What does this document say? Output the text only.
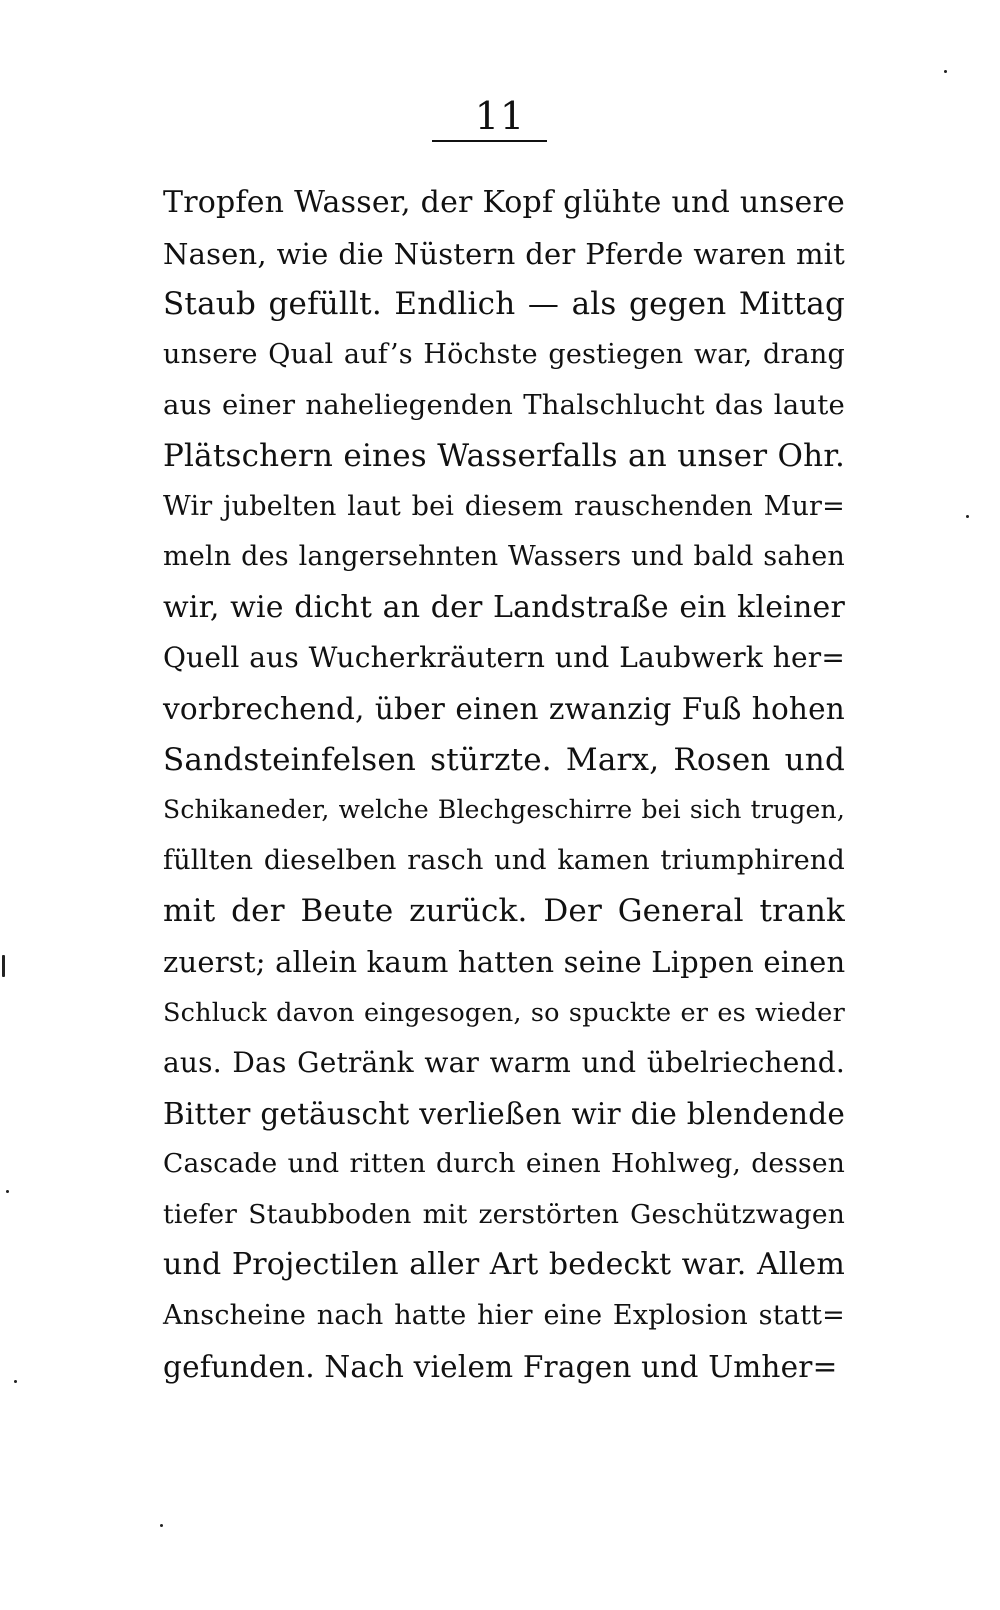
11
Tropfen Wasser, der Kopf glühte und unsere
Nasen, wie die Nüstern der Pferde waren mit
Staub gefüllt. Endlich — als gegen Mittag
unsere Qual auf’s Höchste gestiegen war, drang
aus einer naheliegenden Thalschlucht das laute
Plätschern eines Wasserfalls an unser Ohr.
Wir jubelten laut bei diesem rauschenden Mur=
meln des langersehnten Wassers und bald sahen
wir, wie dicht an der Landstraße ein kleiner
Quell aus Wucherkräutern und Laubwerk her=
vorbrechend, über einen zwanzig Fuß hohen
Sandsteinfelsen stürzte. Marx, Rosen und
Schikaneder, welche Blechgeschirre bei sich trugen,
füllten dieselben rasch und kamen triumphirend
mit der Beute zurück. Der General trank
zuerst; allein kaum hatten seine Lippen einen
Schluck davon eingesogen, so spuckte er es wieder
aus. Das Getränk war warm und übelriechend.
Bitter getäuscht verließen wir die blendende
Cascade und ritten durch einen Hohlweg, dessen
tiefer Staubboden mit zerstörten Geschützwagen
und Projectilen aller Art bedeckt war. Allem
Anscheine nach hatte hier eine Explosion statt=
gefunden. Nach vielem Fragen und Umher=
